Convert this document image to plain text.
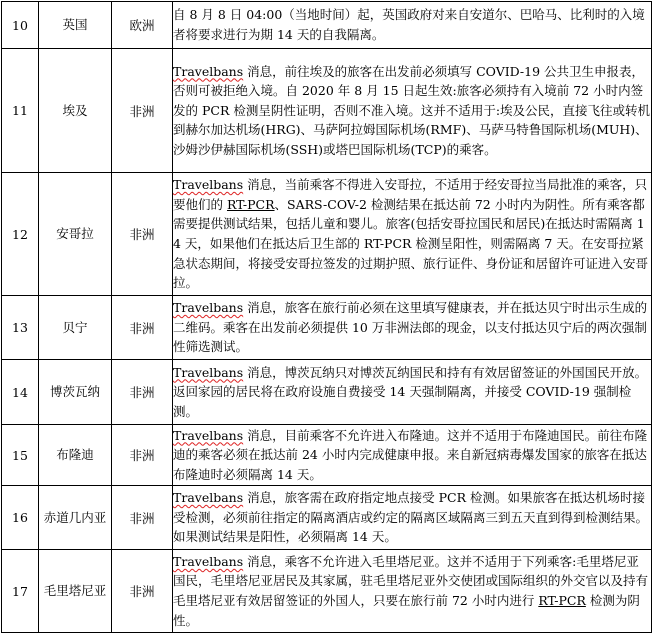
10	英国	欧洲	自 8 月 8 日 04:00（当地时间）起，英国政府对来自安道尔、巴哈马、比利时的入境者将要求进行为期 14 天的自我隔离。
11	埃及	非洲	Travelbans 消息，前往埃及的旅客在出发前必须填写 COVID-19 公共卫生申报表，否则可被拒绝入境。自 2020 年 8 月 15 日起生效:旅客必须持有入境前 72 小时内签发的 PCR 检测呈阴性证明，否则不准入境。这并不适用于:埃及公民，直接飞往或转机到赫尔加达机场(HRG)、马萨阿拉姆国际机场(RMF)、马萨马特鲁国际机场(MUH)、沙姆沙伊赫国际机场(SSH)或塔巴国际机场(TCP)的乘客。
12	安哥拉	非洲	Travelbans 消息，当前乘客不得进入安哥拉，不适用于经安哥拉当局批准的乘客，只要他们的 RT-PCR、SARS-COV-2 检测结果在抵达前 72 小时内为阴性。所有乘客都需要提供测试结果，包括儿童和婴儿。旅客(包括安哥拉国民和居民)在抵达时需隔离 14 天，如果他们在抵达后卫生部的 RT-PCR 检测呈阳性，则需隔离 7 天。在安哥拉紧急状态期间，将接受安哥拉签发的过期护照、旅行证件、身份证和居留许可证进入安哥拉。
13	贝宁	非洲	Travelbans 消息，旅客在旅行前必须在这里填写健康表，并在抵达贝宁时出示生成的二维码。乘客在出发前必须提供 10 万非洲法郎的现金，以支付抵达贝宁后的两次强制性筛选测试。
14	博茨瓦纳	非洲	Travelbans 消息，博茨瓦纳只对博茨瓦纳国民和持有有效居留签证的外国国民开放。返回家园的居民将在政府设施自费接受 14 天强制隔离，并接受 COVID-19 强制检测。
15	布隆迪	非洲	Travelbans 消息，目前乘客不允许进入布隆迪。这并不适用于布隆迪国民。前往布隆迪的乘客必须在抵达前 24 小时内完成健康申报。来自新冠病毒爆发国家的旅客在抵达布隆迪时必须隔离 14 天。
16	赤道几内亚	非洲	Travelbans 消息，旅客需在政府指定地点接受 PCR 检测。如果旅客在抵达机场时接受检测，必须前往指定的隔离酒店或约定的隔离区域隔离三到五天直到得到检测结果。如果测试结果是阳性，必须隔离 14 天。
17	毛里塔尼亚	非洲	Travelbans 消息，乘客不允许进入毛里塔尼亚。这并不适用于下列乘客:毛里塔尼亚国民，毛里塔尼亚居民及其家属，驻毛里塔尼亚外交使团或国际组织的外交官以及持有毛里塔尼亚有效居留签证的外国人，只要在旅行前 72 小时内进行 RT-PCR 检测为阴性。
